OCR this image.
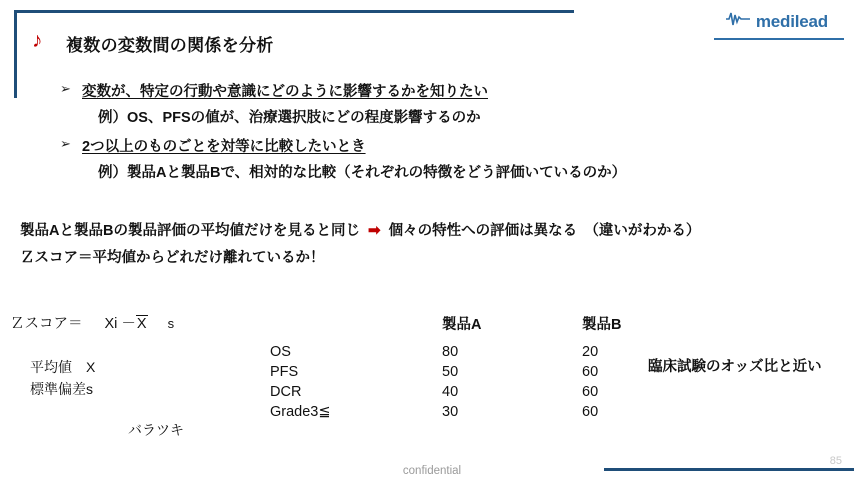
medilead
♪ 複数の変数間の関係を分析
➢ 変数が、特定の行動や意識にどのように影響するかを知りたい
例）OS、PFSの値が、治療選択肢にどの程度影響するのか
➢ 2つ以上のものごとを対等に比較したいとき
例）製品Aと製品Bで、相対的な比較（それぞれの特徴をどう評価いているのか）
製品Aと製品Bの製品評価の平均値だけを見ると同じ ➡ 個々の特性への評価は異なる　（違いがわかる）
Ｚスコア＝平均値からどれだけ離れているか！
Ｚスコア＝	Xi －X s
平均値 X
標準偏差s
バラツキ
	製品A	製品B
OS	80	20
PFS	50	60
DCR	40	60
Grade3≦	30	60
臨床試験のオッズ比と近い
confidential
85
